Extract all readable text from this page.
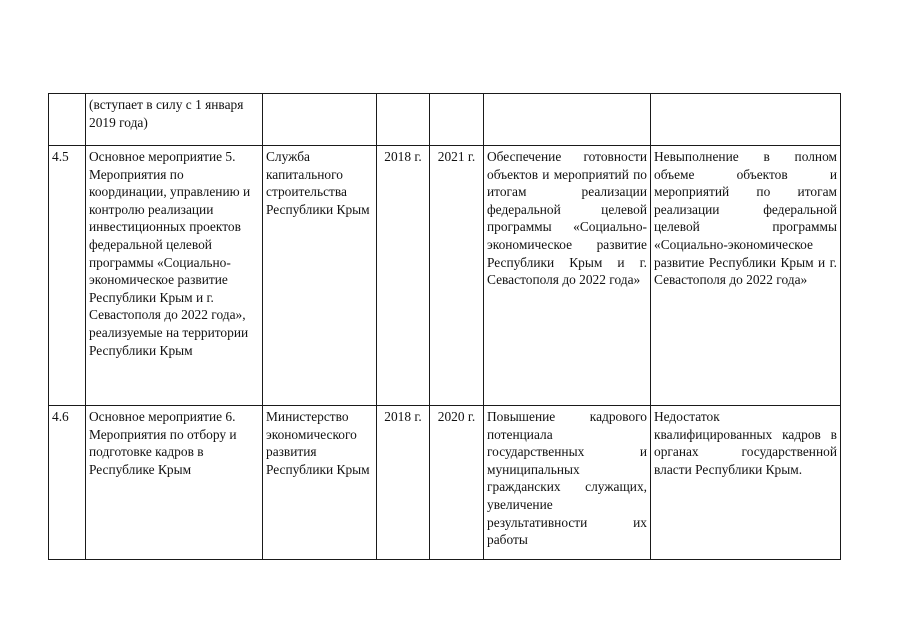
	(вступает в силу с 1 января 2019 года)					
4.5	Основное мероприятие 5. Мероприятия по координации, управлению и контролю реализации инвестиционных проектов федеральной целевой программы «Социально-экономическое развитие Республики Крым и г. Севастополя до 2022 года», реализуемые на территории Республики Крым	Служба капитального строительства Республики Крым	2018 г.	2021 г.	Обеспечение готовности объектов и мероприятий по итогам реализации федеральной целевой программы «Социально-экономическое развитие Республики Крым и г. Севастополя до 2022 года»	Невыполнение в полном объеме объектов и мероприятий по итогам реализации федеральной целевой программы «Социально-экономическое развитие Республики Крым и г. Севастополя до 2022 года»
4.6	Основное мероприятие 6. Мероприятия по отбору и подготовке кадров в Республике Крым	Министерство экономического развития Республики Крым	2018 г.	2020 г.	Повышение кадрового потенциала государственных и муниципальных гражданских служащих, увеличение результативности их работы	Недостаток квалифицированных кадров в органах государственной власти Республики Крым.
